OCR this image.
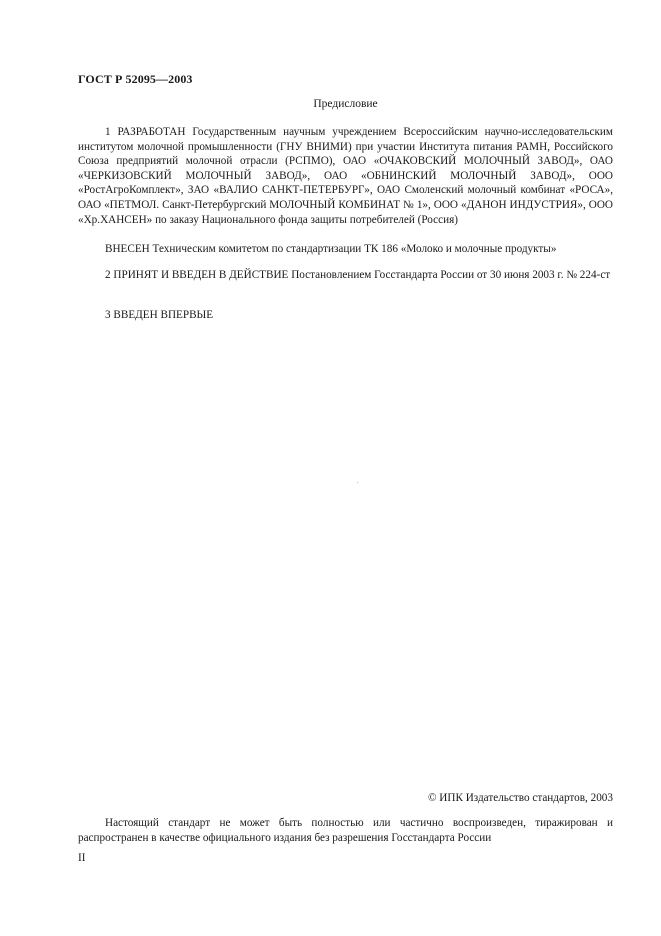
ГОСТ Р 52095—2003
Предисловие
1 РАЗРАБОТАН Государственным научным учреждением Всероссийским научно-исследовательским институтом молочной промышленности (ГНУ ВНИМИ) при участии Института питания РАМН, Российского Союза предприятий молочной отрасли (РСПМО), ОАО «ОЧАКОВСКИЙ МОЛОЧНЫЙ ЗАВОД», ОАО «ЧЕРКИЗОВСКИЙ МОЛОЧНЫЙ ЗАВОД», ОАО «ОБНИНСКИЙ МОЛОЧНЫЙ ЗАВОД», ООО «РостАгроКомплект», ЗАО «ВАЛИО САНКТ-ПЕТЕРБУРГ», ОАО Смоленский молочный комбинат «РОСА», ОАО «ПЕТМОЛ. Санкт-Петербургский МОЛОЧНЫЙ КОМБИНАТ № 1», ООО «ДАНОН ИНДУСТРИЯ», ООО «Хр.ХАНСЕН» по заказу Национального фонда защиты потребителей (Россия)
ВНЕСЕН Техническим комитетом по стандартизации ТК 186 «Молоко и молочные продукты»
2 ПРИНЯТ И ВВЕДЕН В ДЕЙСТВИЕ Постановлением Госстандарта России от 30 июня 2003 г. № 224-ст
3 ВВЕДЕН ВПЕРВЫЕ
© ИПК Издательство стандартов, 2003
Настоящий стандарт не может быть полностью или частично воспроизведен, тиражирован и распространен в качестве официального издания без разрешения Госстандарта России
II
